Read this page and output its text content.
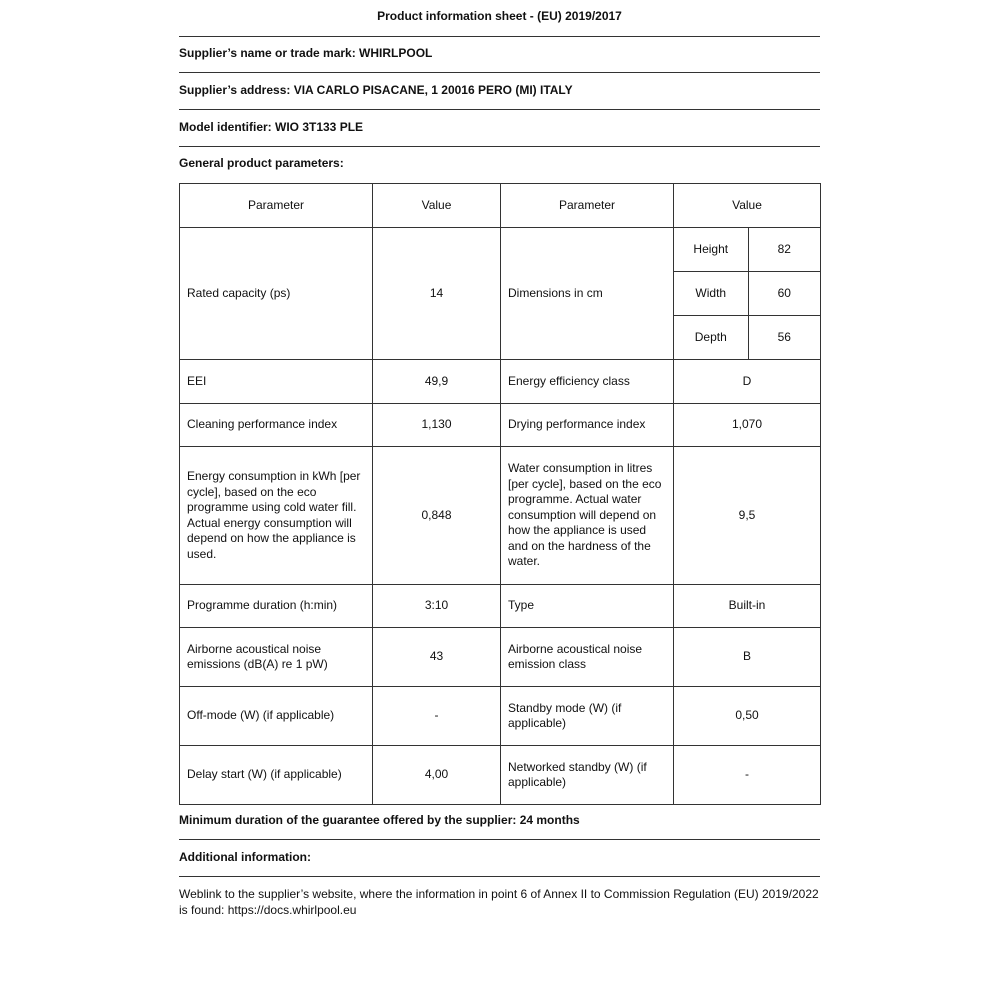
Product information sheet - (EU) 2019/2017
Supplier’s name or trade mark: WHIRLPOOL
Supplier’s address: VIA CARLO PISACANE, 1 20016 PERO (MI) ITALY
Model identifier: WIO 3T133 PLE
General product parameters:
Parameter	Value	Parameter	Value
Rated capacity (ps)	14	Dimensions in cm	
Height	82
Width	60
Depth	56

EEI	49,9	Energy efficiency class	D
Cleaning performance index	1,130	Drying performance index	1,070
Energy consumption in kWh [per cycle], based on the eco programme using cold water fill. Actual energy consumption will depend on how the appliance is used.	0,848	Water consumption in litres [per cycle], based on the eco programme. Actual water consumption will depend on how the appliance is used and on the hardness of the water.	9,5
Programme duration (h:min)	3:10	Type	Built-in
Airborne acoustical noise emissions (dB(A) re 1 pW)	43	Airborne acoustical noise emission class	B
Off-mode (W) (if applicable)	-	Standby mode (W) (if applicable)	0,50
Delay start (W) (if applicable)	4,00	Networked standby (W) (if applicable)	-
Minimum duration of the guarantee offered by the supplier: 24 months
Additional information:
Weblink to the supplier’s website, where the information in point 6 of Annex II to Commission Regulation (EU) 2019/2022 is found: https://docs.whirlpool.eu
